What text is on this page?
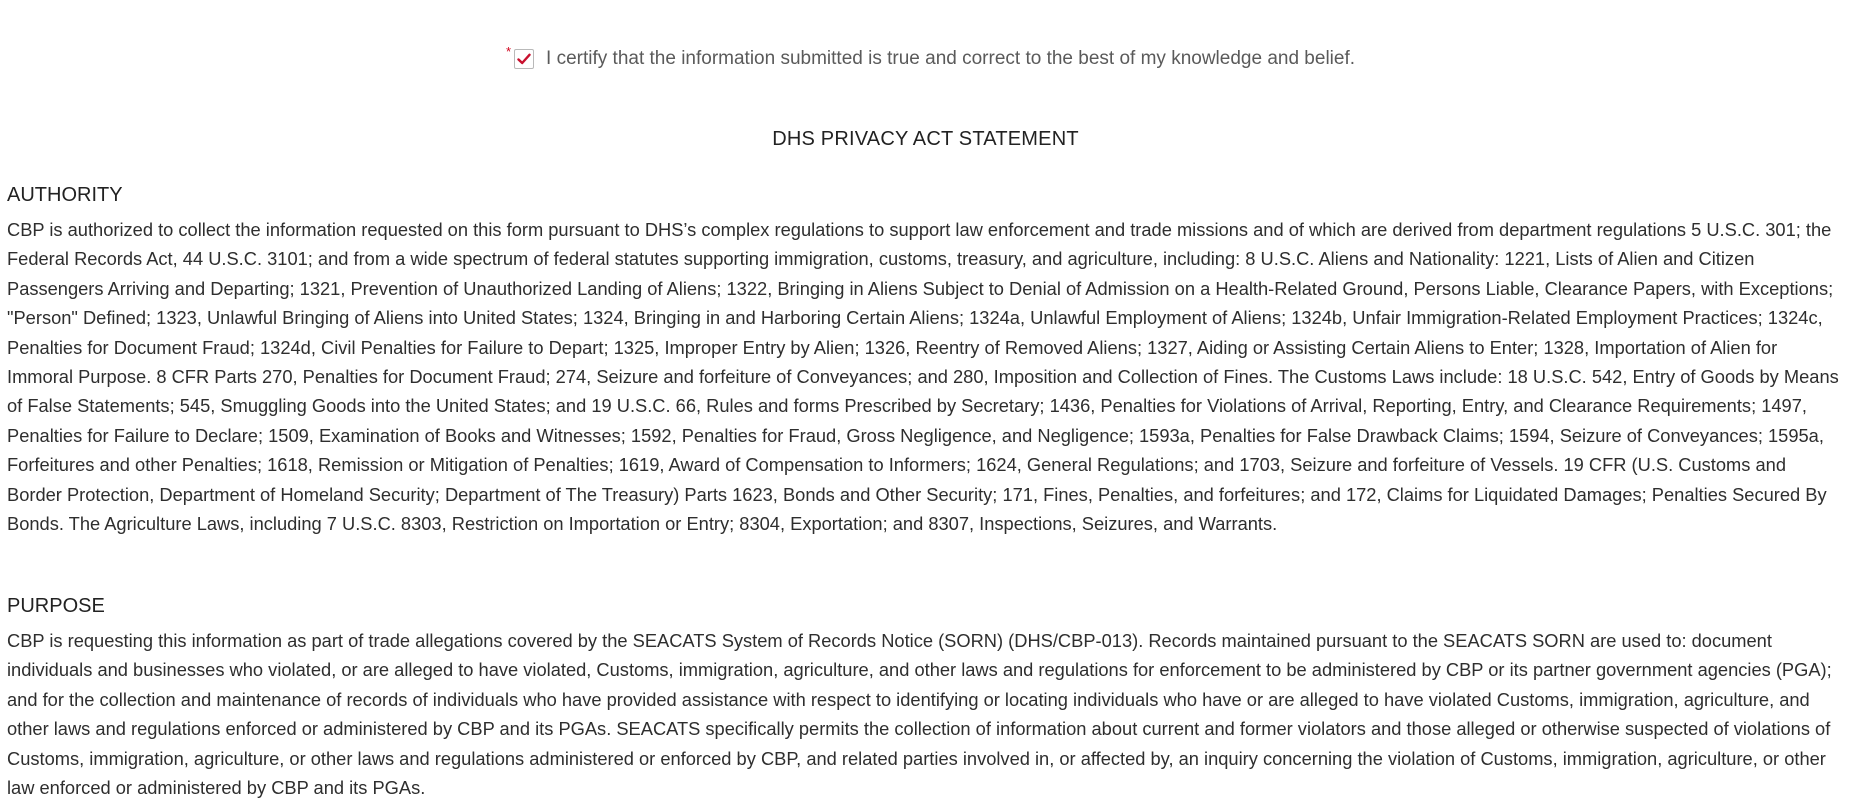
* I certify that the information submitted is true and correct to the best of my knowledge and belief.
DHS PRIVACY ACT STATEMENT
AUTHORITY

CBP is authorized to collect the information requested on this form pursuant to DHS’s complex regulations to support law enforcement and trade missions and of which are derived from department regulations 5 U.S.C. 301; the Federal Records Act, 44 U.S.C. 3101; and from a wide spectrum of federal statutes supporting immigration, customs, treasury, and agriculture, including: 8 U.S.C. Aliens and Nationality: 1221, Lists of Alien and Citizen Passengers Arriving and Departing; 1321, Prevention of Unauthorized Landing of Aliens; 1322, Bringing in Aliens Subject to Denial of Admission on a Health-Related Ground, Persons Liable, Clearance Papers, with Exceptions; "Person" Defined; 1323, Unlawful Bringing of Aliens into United States; 1324, Bringing in and Harboring Certain Aliens; 1324a, Unlawful Employment of Aliens; 1324b, Unfair Immigration-Related Employment Practices; 1324c, Penalties for Document Fraud; 1324d, Civil Penalties for Failure to Depart; 1325, Improper Entry by Alien; 1326, Reentry of Removed Aliens; 1327, Aiding or Assisting Certain Aliens to Enter; 1328, Importation of Alien for Immoral Purpose. 8 CFR Parts 270, Penalties for Document Fraud; 274, Seizure and forfeiture of Conveyances; and 280, Imposition and Collection of Fines. The Customs Laws include: 18 U.S.C. 542, Entry of Goods by Means of False Statements; 545, Smuggling Goods into the United States; and 19 U.S.C. 66, Rules and forms Prescribed by Secretary; 1436, Penalties for Violations of Arrival, Reporting, Entry, and Clearance Requirements; 1497, Penalties for Failure to Declare; 1509, Examination of Books and Witnesses; 1592, Penalties for Fraud, Gross Negligence, and Negligence; 1593a, Penalties for False Drawback Claims; 1594, Seizure of Conveyances; 1595a, Forfeitures and other Penalties; 1618, Remission or Mitigation of Penalties; 1619, Award of Compensation to Informers; 1624, General Regulations; and 1703, Seizure and forfeiture of Vessels. 19 CFR (U.S. Customs and Border Protection, Department of Homeland Security; Department of The Treasury) Parts 1623, Bonds and Other Security; 171, Fines, Penalties, and forfeitures; and 172, Claims for Liquidated Damages; Penalties Secured By Bonds. The Agriculture Laws, including 7 U.S.C. 8303, Restriction on Importation or Entry; 8304, Exportation; and 8307, Inspections, Seizures, and Warrants.

PURPOSE

CBP is requesting this information as part of trade allegations covered by the SEACATS System of Records Notice (SORN) (DHS/CBP-013). Records maintained pursuant to the SEACATS SORN are used to: document individuals and businesses who violated, or are alleged to have violated, Customs, immigration, agriculture, and other laws and regulations for enforcement to be administered by CBP or its partner government agencies (PGA); and for the collection and maintenance of records of individuals who have provided assistance with respect to identifying or locating individuals who have or are alleged to have violated Customs, immigration, agriculture, and other laws and regulations enforced or administered by CBP and its PGAs. SEACATS specifically permits the collection of information about current and former violators and those alleged or otherwise suspected of violations of Customs, immigration, agriculture, or other laws and regulations administered or enforced by CBP, and related parties involved in, or affected by, an inquiry concerning the violation of Customs, immigration, agriculture, or other law enforced or administered by CBP and its PGAs.
